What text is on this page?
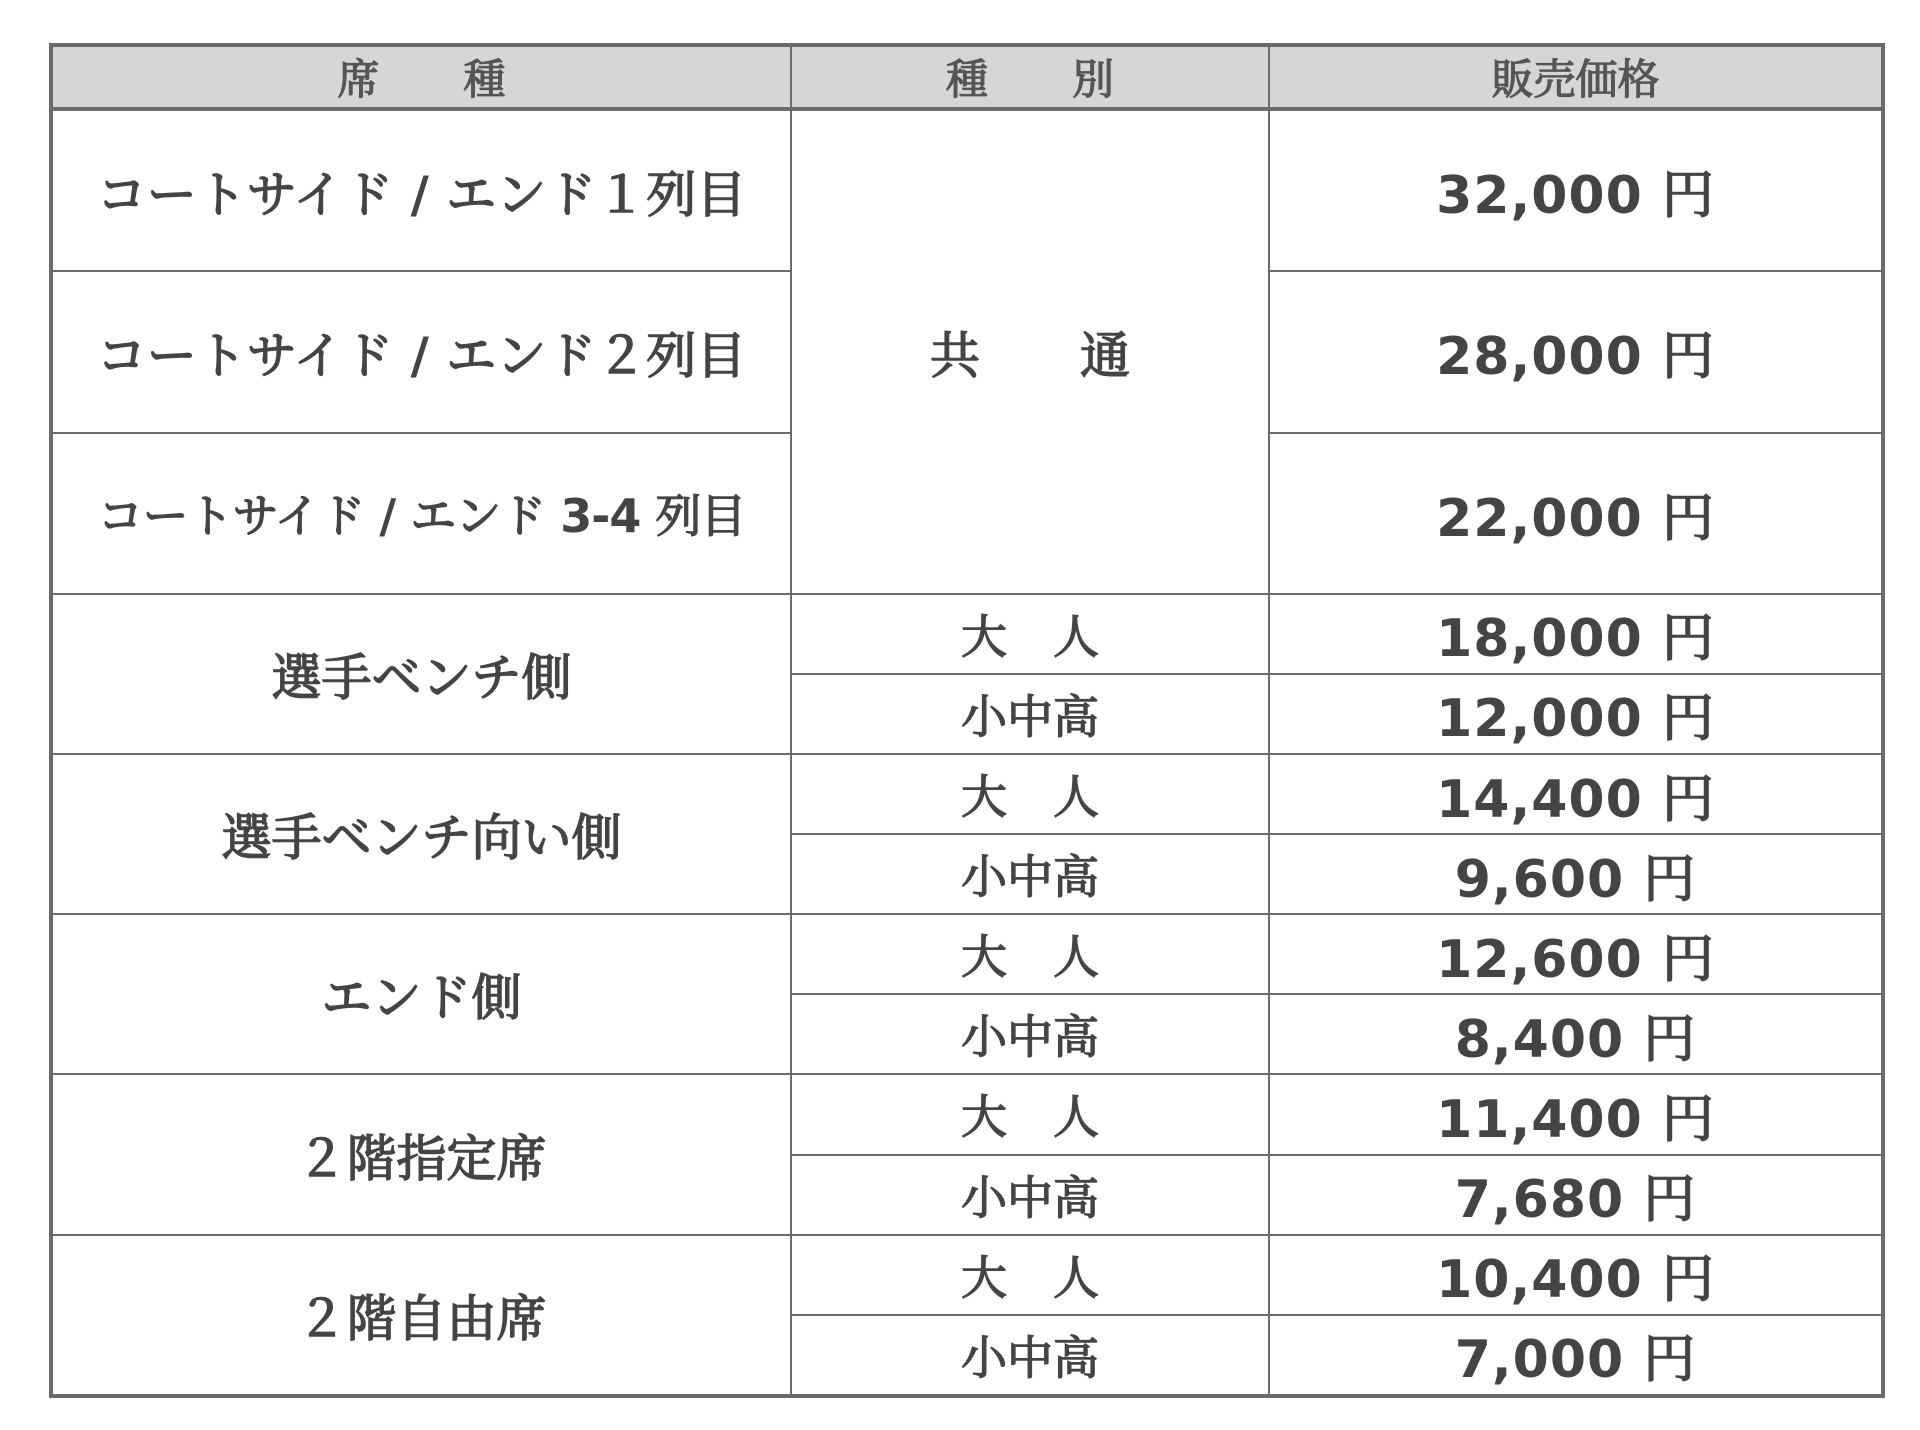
席　　種	種　　別	販売価格
コートサイド / エンド１列目	共　　通	32,000 円
コートサイド / エンド２列目		28,000 円
コートサイド / エンド 3-4 列目		22,000 円
選手ベンチ側	大　人	18,000 円
	小中高	12,000 円
選手ベンチ向い側	大　人	14,400 円
	小中高	9,600 円
エンド側	大　人	12,600 円
	小中高	8,400 円
２階指定席	大　人	11,400 円
	小中高	7,680 円
２階自由席	大　人	10,400 円
	小中高	7,000 円
